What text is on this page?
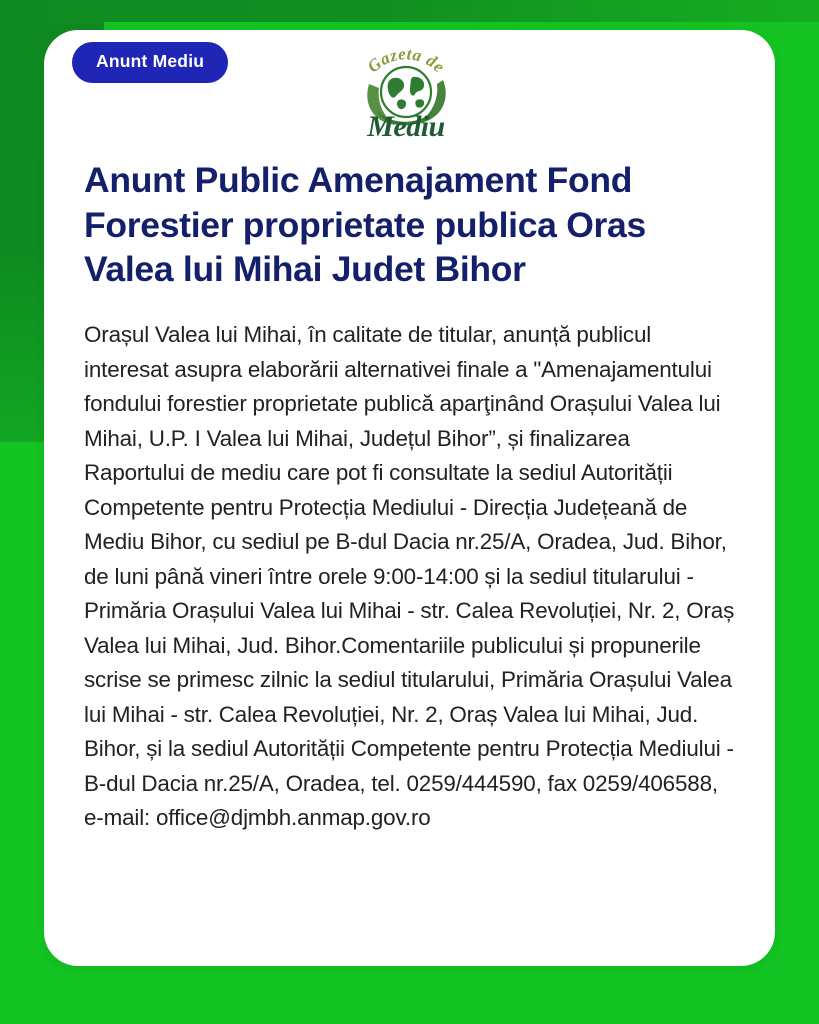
Anunt Mediu	Gazeta de
Mediu
Anunt Public Amenajament Fond Forestier proprietate publica Oras Valea lui Mihai Judet Bihor
Orașul Valea lui Mihai, în calitate de titular, anunță publicul interesat asupra elaborării alternativei finale a "Amenajamentului fondului forestier proprietate publică aparţinând Orașului Valea lui Mihai, U.P. I Valea lui Mihai, Județul Bihor”, și finalizarea Raportului de mediu care pot fi consultate la sediul Autorității Competente pentru Protecția Mediului - Direcția Județeană de Mediu Bihor, cu sediul pe B-dul Dacia nr.25/A, Oradea, Jud. Bihor, de luni până vineri între orele 9:00-14:00 și la sediul titularului - Primăria Orașului Valea lui Mihai - str. Calea Revoluției, Nr. 2, Oraș Valea lui Mihai, Jud. Bihor.Comentariile publicului și propunerile scrise se primesc zilnic la sediul titularului, Primăria Orașului Valea lui Mihai - str. Calea Revoluției, Nr. 2, Oraș Valea lui Mihai, Jud. Bihor, și la sediul Autorității Competente pentru Protecția Mediului - B-dul Dacia nr.25/A, Oradea, tel. 0259/444590, fax 0259/406588, e-mail: office@djmbh.anmap.gov.ro
